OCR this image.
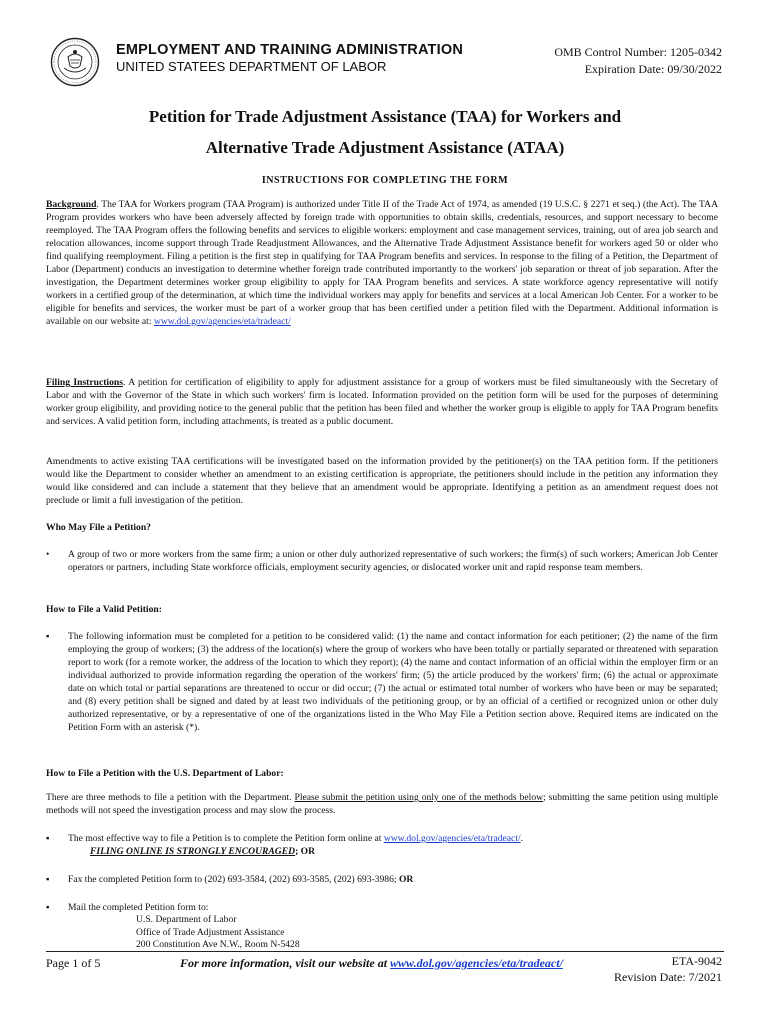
EMPLOYMENT AND TRAINING ADMINISTRATION
UNITED STATEES DEPARTMENT OF LABOR
OMB Control Number: 1205-0342
Expiration Date: 09/30/2022
Petition for Trade Adjustment Assistance (TAA) for Workers and
Alternative Trade Adjustment Assistance (ATAA)
INSTRUCTIONS FOR COMPLETING THE FORM
Background. The TAA for Workers program (TAA Program) is authorized under Title II of the Trade Act of 1974, as amended (19 U.S.C. § 2271 et seq.) (the Act). The TAA Program provides workers who have been adversely affected by foreign trade with opportunities to obtain skills, credentials, resources, and support necessary to become reemployed. The TAA Program offers the following benefits and services to eligible workers: employment and case management services, training, out of area job search and relocation allowances, income support through Trade Readjustment Allowances, and the Alternative Trade Adjustment Assistance benefit for workers aged 50 or older who find qualifying reemployment. Filing a petition is the first step in qualifying for TAA Program benefits and services. In response to the filing of a Petition, the Department of Labor (Department) conducts an investigation to determine whether foreign trade contributed importantly to the workers' job separation or threat of job separation. After the investigation, the Department determines worker group eligibility to apply for TAA Program benefits and services. A state workforce agency representative will notify workers in a certified group of the determination, at which time the individual workers may apply for benefits and services at a local American Job Center. For a worker to be eligible for benefits and services, the worker must be part of a worker group that has been certified under a petition filed with the Department. Additional information is available on our website at: www.dol.gov/agencies/eta/tradeact/
Filing Instructions. A petition for certification of eligibility to apply for adjustment assistance for a group of workers must be filed simultaneously with the Secretary of Labor and with the Governor of the State in which such workers' firm is located. Information provided on the petition form will be used for the purposes of determining worker group eligibility, and providing notice to the general public that the petition has been filed and whether the worker group is eligible to apply for TAA Program benefits and services. A valid petition form, including attachments, is treated as a public document.
Amendments to active existing TAA certifications will be investigated based on the information provided by the petitioner(s) on the TAA petition form. If the petitioners would like the Department to consider whether an amendment to an existing certification is appropriate, the petitioners should include in the petition any information they would like considered and can include a statement that they believe that an amendment would be appropriate. Identifying a petition as an amendment request does not preclude or limit a full investigation of the petition.
Who May File a Petition?
•	A group of two or more workers from the same firm; a union or other duly authorized representative of such workers; the firm(s) of such workers; American Job Center operators or partners, including State workforce officials, employment security agencies, or dislocated worker unit and rapid response team members.
How to File a Valid Petition:
▪	The following information must be completed for a petition to be considered valid: (1) the name and contact information for each petitioner; (2) the name of the firm employing the group of workers; (3) the address of the location(s) where the group of workers who have been totally or partially separated or threatened with separation report to work (for a remote worker, the address of the location to which they report); (4) the name and contact information of an official within the employer firm or an individual authorized to provide information regarding the operation of the workers' firm; (5) the article produced by the workers' firm; (6) the actual or approximate date on which total or partial separations are threatened to occur or did occur; (7) the actual or estimated total number of workers who have been or may be separated; and (8) every petition shall be signed and dated by at least two individuals of the petitioning group, or by an official of a certified or recognized union or other duly authorized representative, or by a representative of one of the organizations listed in the Who May File a Petition section above. Required items are indicated on the Petition Form with an asterisk (*).
How to File a Petition with the U.S. Department of Labor:
There are three methods to file a petition with the Department. Please submit the petition using only one of the methods below; submitting the same petition using multiple methods will not speed the investigation process and may slow the process.
▪	The most effective way to file a Petition is to complete the Petition form online at www.dol.gov/agencies/eta/tradeact/.
FILING ONLINE IS STRONGLY ENCOURAGED; OR
▪	Fax the completed Petition form to (202) 693-3584, (202) 693-3585, (202) 693-3986; OR
▪	Mail the completed Petition form to:
U.S. Department of Labor
Office of Trade Adjustment Assistance
200 Constitution Ave N.W., Room N-5428
Page 1 of 5	For more information, visit our website at www.dol.gov/agencies/eta/tradeact/	ETA-9042
Revision Date: 7/2021
